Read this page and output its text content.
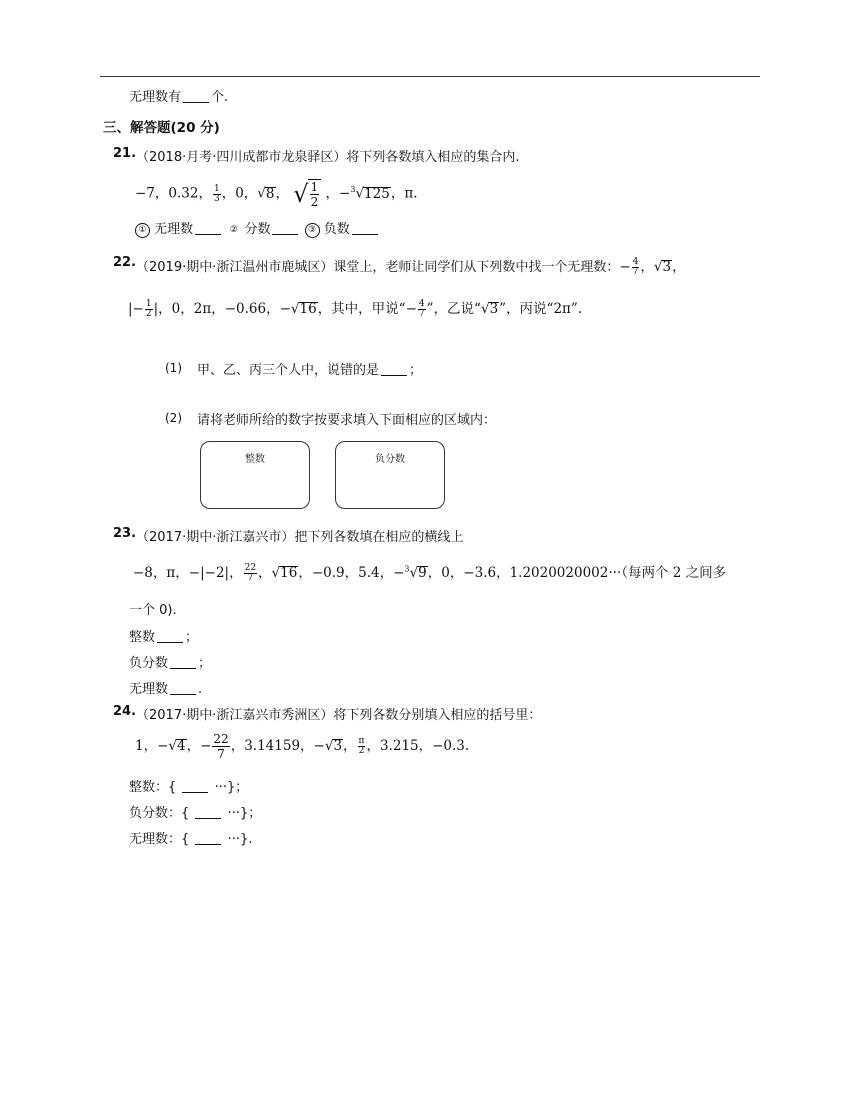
无理数有 个.
三、解答题(20 分)
21. （2018·月考·四川成都市龙泉驿区）将下列各数填入相应的集合内.
−7，0.32， $\frac{1}{3}$ ，0，√8， √ $\frac{1}{2}$ ，−$^3$√125，π.
① 无理数	② 分数	③ 负数
22. （2019·期中·浙江温州市鹿城区）课堂上，老师让同学们从下列数中找一个无理数：− $\frac{4}{7}$ ，√3，
|− $\frac{1}{2}$ |，0，2π，−0.66，−√16，其中，甲说“− $\frac{4}{7}$ ”，乙说“√3”，丙说“2π”.
(1) 甲、乙、丙三个人中，说错的是 ；
(2) 请将老师所给的数字按要求填入下面相应的区域内：
整数	负分数
23. （2017·期中·浙江嘉兴市）把下列各数填在相应的横线上
−8，π，−|−2|， $\frac{22}{7}$ ，√16，−0.9，5.4，−$^3$√9，0，−3.6，1.2020020002···（每两个 2 之间多
一个 0).
整数 ；
负分数 ；
无理数 .
24. （2017·期中·浙江嘉兴市秀洲区）将下列各数分别填入相应的括号里：
1，−√4，− $\frac{22}{7}$ ，3.14159，−√3， $\frac{\pi}{2}$ ，3.215，−0.3.
整数：{	···}；
负分数：{	···}；
无理数：{	···}.
